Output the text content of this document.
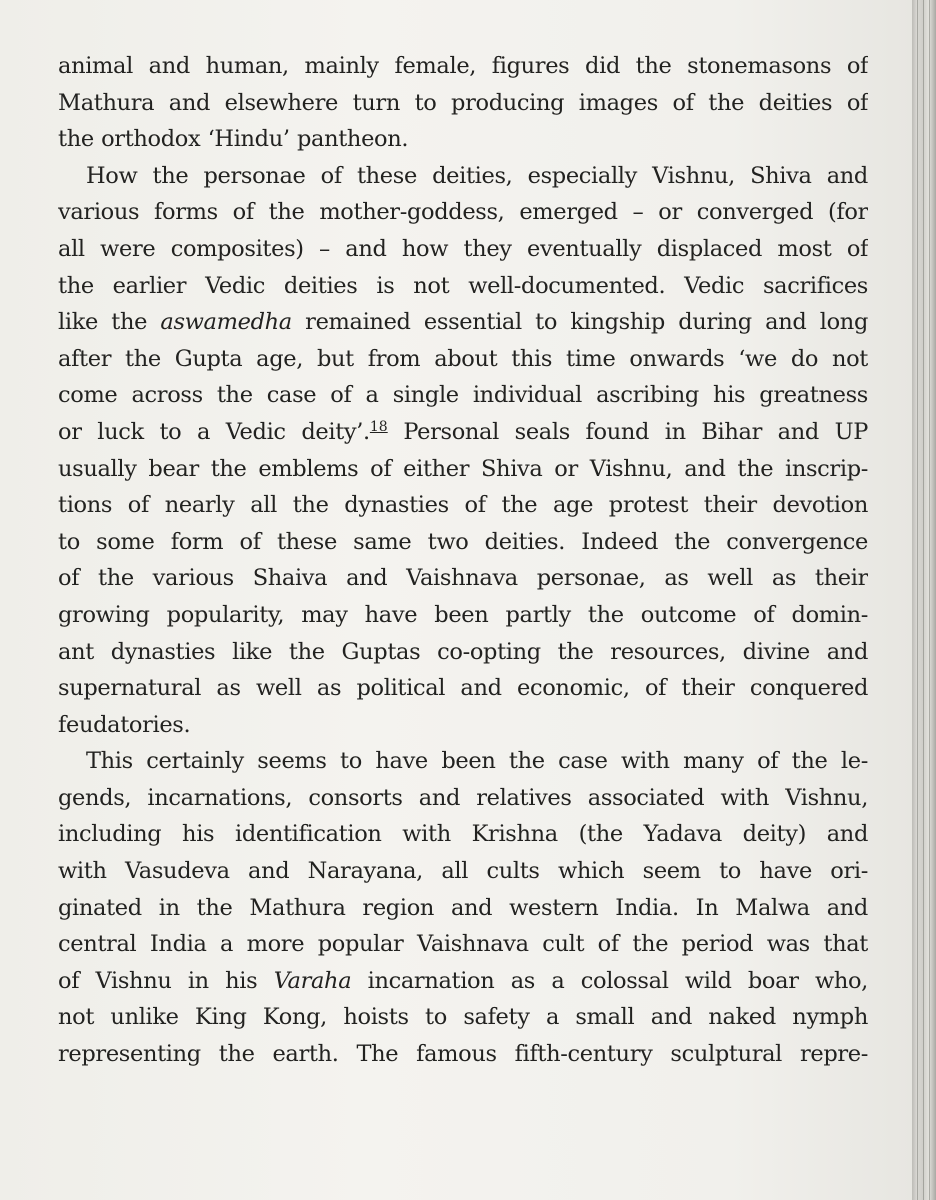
animal and human, mainly female, figures did the stonemasons of
Mathura and elsewhere turn to producing images of the deities of
the orthodox ‘Hindu’ pantheon.
How the personae of these deities, especially Vishnu, Shiva and
various forms of the mother-goddess, emerged – or converged (for
all were composites) – and how they eventually displaced most of
the earlier Vedic deities is not well-documented. Vedic sacrifices
like the aswamedha remained essential to kingship during and long
after the Gupta age, but from about this time onwards ‘we do not
come across the case of a single individual ascribing his greatness
or luck to a Vedic deity’.$^{18}$ Personal seals found in Bihar and UP
usually bear the emblems of either Shiva or Vishnu, and the inscrip-
tions of nearly all the dynasties of the age protest their devotion
to some form of these same two deities. Indeed the convergence
of the various Shaiva and Vaishnava personae, as well as their
growing popularity, may have been partly the outcome of domin-
ant dynasties like the Guptas co-opting the resources, divine and
supernatural as well as political and economic, of their conquered
feudatories.
This certainly seems to have been the case with many of the le-
gends, incarnations, consorts and relatives associated with Vishnu,
including his identification with Krishna (the Yadava deity) and
with Vasudeva and Narayana, all cults which seem to have ori-
ginated in the Mathura region and western India. In Malwa and
central India a more popular Vaishnava cult of the period was that
of Vishnu in his Varaha incarnation as a colossal wild boar who,
not unlike King Kong, hoists to safety a small and naked nymph
representing the earth. The famous fifth-century sculptural repre-
